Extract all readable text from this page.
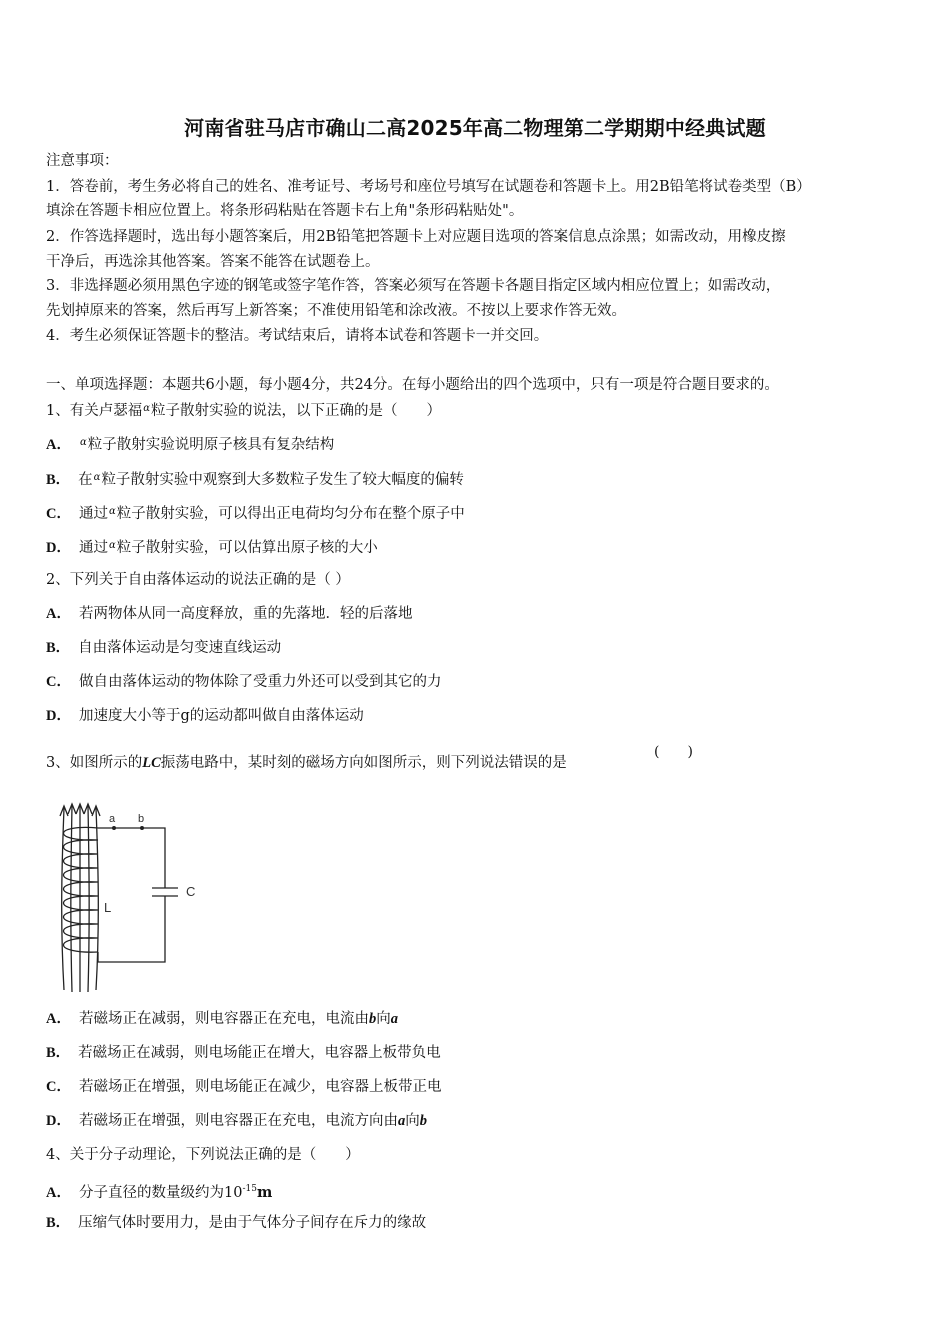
河南省驻马店市确山二高2025年高二物理第二学期期中经典试题
注意事项：
1．答卷前，考生务必将自己的姓名、准考证号、考场号和座位号填写在试题卷和答题卡上。用2B铅笔将试卷类型（B）
填涂在答题卡相应位置上。将条形码粘贴在答题卡右上角"条形码粘贴处"。
2．作答选择题时，选出每小题答案后，用2B铅笔把答题卡上对应题目选项的答案信息点涂黑；如需改动，用橡皮擦
干净后，再选涂其他答案。答案不能答在试题卷上。
3．非选择题必须用黑色字迹的钢笔或签字笔作答，答案必须写在答题卡各题目指定区域内相应位置上；如需改动，
先划掉原来的答案，然后再写上新答案；不准使用铅笔和涂改液。不按以上要求作答无效。
4．考生必须保证答题卡的整洁。考试结束后，请将本试卷和答题卡一并交回。
一、单项选择题：本题共6小题，每小题4分，共24分。在每小题给出的四个选项中，只有一项是符合题目要求的。
1、有关卢瑟福$^\alpha$粒子散射实验的说法，以下正确的是（　　）
A． $^\alpha$粒子散射实验说明原子核具有复杂结构
B． 在$^\alpha$粒子散射实验中观察到大多数粒子发生了较大幅度的偏转
C． 通过$^\alpha$粒子散射实验，可以得出正电荷均匀分布在整个原子中
D． 通过$^\alpha$粒子散射实验，可以估算出原子核的大小
2、下列关于自由落体运动的说法正确的是（ ）
A． 若两物体从同一高度释放，重的先落地．轻的后落地
B． 自由落体运动是匀变速直线运动
C． 做自由落体运动的物体除了受重力外还可以受到其它的力
D． 加速度大小等于g的运动都叫做自由落体运动
3、如图所示的LC振荡电路中，某时刻的磁场方向如图所示，则下列说法错误的是
(　　)
a b
L
C
A． 若磁场正在减弱，则电容器正在充电，电流由b向a
B． 若磁场正在减弱，则电场能正在增大，电容器上板带负电
C． 若磁场正在增强，则电场能正在减少，电容器上板带正电
D． 若磁场正在增强，则电容器正在充电，电流方向由a向b
4、关于分子动理论，下列说法正确的是（　　）
A． 分子直径的数量级约为$10^{-15}m$
B． 压缩气体时要用力，是由于气体分子间存在斥力的缘故
